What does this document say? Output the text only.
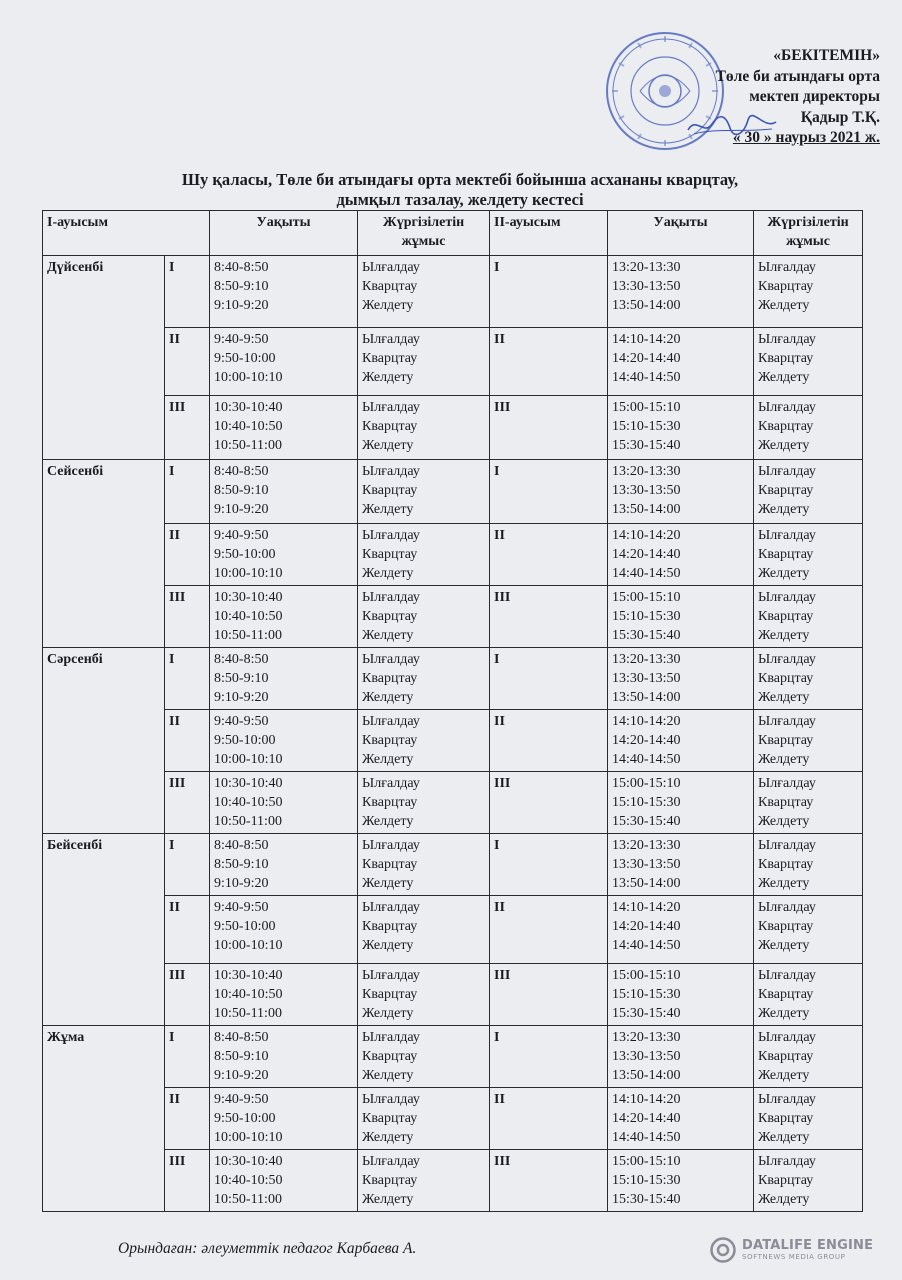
«БЕКІТЕМІН»
Төле би атындағы орта
мектеп директоры
Қадыр Т.Қ.
« 30 » наурыз 2021 ж.
Шу қаласы, Төле би атындағы орта мектебі бойынша асхананы кварцтау,
дымқыл тазалау, желдету кестесі
І-ауысым		Уақыты	Жүргізілетін жұмыс	ІІ-ауысым	Уақыты	Жүргізілетін жұмыс
Дүйсенбі	І	8:40-8:50
8:50-9:10
9:10-9:20	Ылғалдау
Кварцтау
Желдету	І	13:20-13:30
13:30-13:50
13:50-14:00	Ылғалдау
Кварцтау
Желдету

	ІІ	9:40-9:50
9:50-10:00
10:00-10:10	Ылғалдау
Кварцтау
Желдету	ІІ	14:10-14:20
14:20-14:40
14:40-14:50	Ылғалдау
Кварцтау
Желдету

	ІІІ	10:30-10:40
10:40-10:50
10:50-11:00	Ылғалдау
Кварцтау
Желдету	ІІІ	15:00-15:10
15:10-15:30
15:30-15:40	Ылғалдау
Кварцтау
Желдету

Сейсенбі	І	8:40-8:50
8:50-9:10
9:10-9:20	Ылғалдау
Кварцтау
Желдету	І	13:20-13:30
13:30-13:50
13:50-14:00	Ылғалдау
Кварцтау
Желдету

	ІІ	9:40-9:50
9:50-10:00
10:00-10:10	Ылғалдау
Кварцтау
Желдету	ІІ	14:10-14:20
14:20-14:40
14:40-14:50	Ылғалдау
Кварцтау
Желдету

	ІІІ	10:30-10:40
10:40-10:50
10:50-11:00	Ылғалдау
Кварцтау
Желдету	ІІІ	15:00-15:10
15:10-15:30
15:30-15:40	Ылғалдау
Кварцтау
Желдету

Сәрсенбі	І	8:40-8:50
8:50-9:10
9:10-9:20	Ылғалдау
Кварцтау
Желдету	І	13:20-13:30
13:30-13:50
13:50-14:00	Ылғалдау
Кварцтау
Желдету

	ІІ	9:40-9:50
9:50-10:00
10:00-10:10	Ылғалдау
Кварцтау
Желдету	ІІ	14:10-14:20
14:20-14:40
14:40-14:50	Ылғалдау
Кварцтау
Желдету

	ІІІ	10:30-10:40
10:40-10:50
10:50-11:00	Ылғалдау
Кварцтау
Желдету	ІІІ	15:00-15:10
15:10-15:30
15:30-15:40	Ылғалдау
Кварцтау
Желдету

Бейсенбі	І	8:40-8:50
8:50-9:10
9:10-9:20	Ылғалдау
Кварцтау
Желдету	І	13:20-13:30
13:30-13:50
13:50-14:00	Ылғалдау
Кварцтау
Желдету

	ІІ	9:40-9:50
9:50-10:00
10:00-10:10	Ылғалдау
Кварцтау
Желдету	ІІ	14:10-14:20
14:20-14:40
14:40-14:50	Ылғалдау
Кварцтау
Желдету

	ІІІ	10:30-10:40
10:40-10:50
10:50-11:00	Ылғалдау
Кварцтау
Желдету	ІІІ	15:00-15:10
15:10-15:30
15:30-15:40	Ылғалдау
Кварцтау
Желдету

Жұма	І	8:40-8:50
8:50-9:10
9:10-9:20	Ылғалдау
Кварцтау
Желдету	І	13:20-13:30
13:30-13:50
13:50-14:00	Ылғалдау
Кварцтау
Желдету

	ІІ	9:40-9:50
9:50-10:00
10:00-10:10	Ылғалдау
Кварцтау
Желдету	ІІ	14:10-14:20
14:20-14:40
14:40-14:50	Ылғалдау
Кварцтау
Желдету

	ІІІ	10:30-10:40
10:40-10:50
10:50-11:00	Ылғалдау
Кварцтау
Желдету	ІІІ	15:00-15:10
15:10-15:30
15:30-15:40	Ылғалдау
Кварцтау
Желдету
Орындаған: әлеуметтік педагог Карбаева А.	DATALIFE ENGINE
SOFTNEWS MEDIA GROUP
